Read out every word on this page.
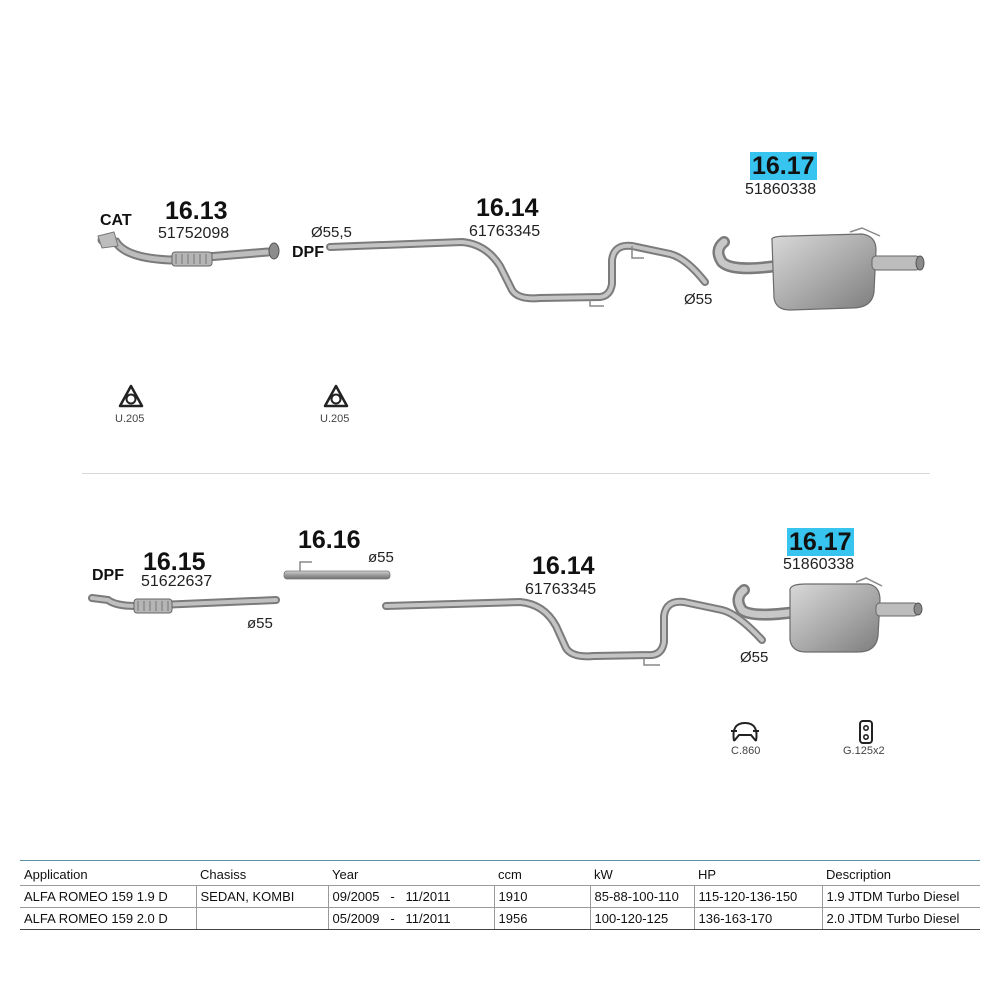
CAT 16.13
51752098	Ø55,5
DPF
16.14
61763345
Ø55
16.17
51860338
U.205	U.205
DPF 16.15
51622637
ø55
16.16
ø55	16.14
61763345
Ø55
16.17
51860338
C.860	G.125x2
Application	Chasiss	Year	ccm	kW	HP	Description
ALFA ROMEO 159 1.9 D	SEDAN, KOMBI	09/2005   -   11/2011	1910	85-88-100-110	115-120-136-150	1.9 JTDM Turbo Diesel
ALFA ROMEO 159 2.0 D		05/2009   -   11/2011	1956	100-120-125	136-163-170	2.0 JTDM Turbo Diesel
